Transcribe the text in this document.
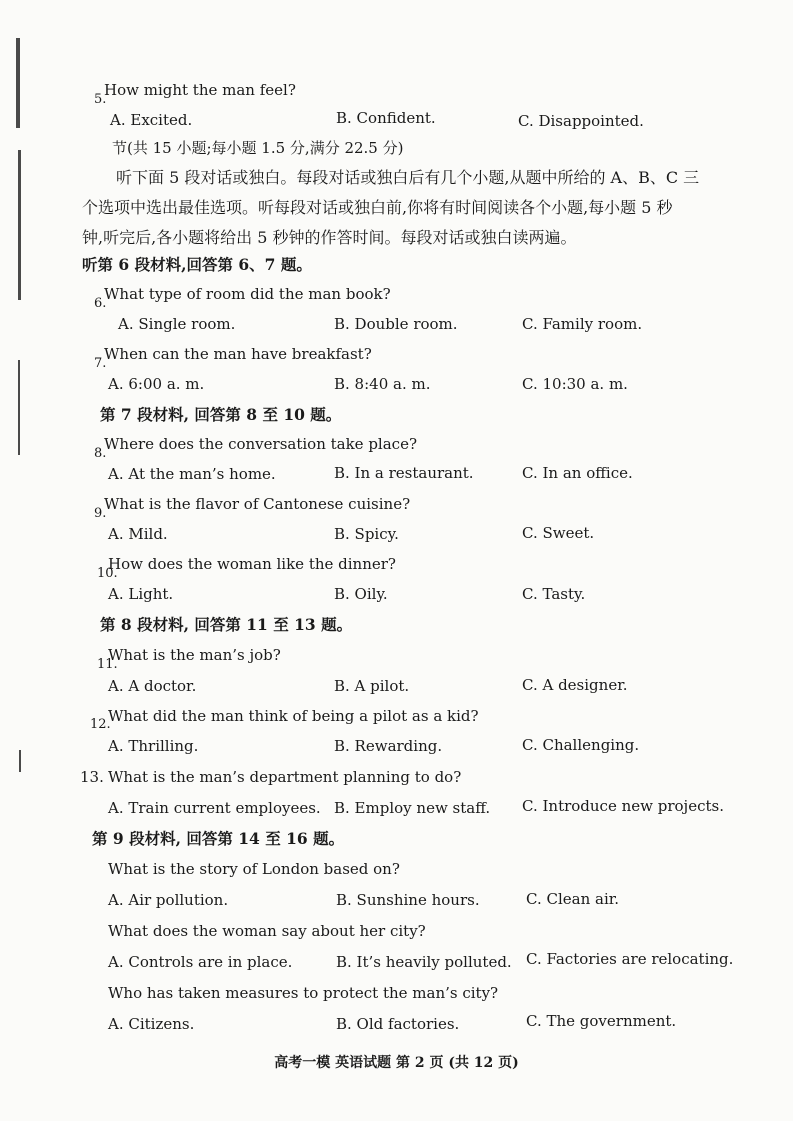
5.
How might the man feel?
A. Excited.	B. Confident.	C. Disappointed.
节(共 15 小题;每小题 1.5 分,满分 22.5 分)
听下面 5 段对话或独白。每段对话或独白后有几个小题,从题中所给的 A、B、C 三
个选项中选出最佳选项。听每段对话或独白前,你将有时间阅读各个小题,每小题 5 秒
钟,听完后,各小题将给出 5 秒钟的作答时间。每段对话或独白读两遍。
听第 6 段材料,回答第 6、7 题。
6.
What type of room did the man book?
A. Single room.	B. Double room.	C. Family room.
7.
When can the man have breakfast?
A. 6:00 a. m.	B. 8:40 a. m.	C. 10:30 a. m.
第 7 段材料, 回答第 8 至 10 题。
8.
Where does the conversation take place?
A. At the man’s home.	B. In a restaurant.	C. In an office.
9.
What is the flavor of Cantonese cuisine?
A. Mild.	B. Spicy.	C. Sweet.
10.
How does the woman like the dinner?
A. Light.	B. Oily.	C. Tasty.
第 8 段材料, 回答第 11 至 13 题。
11.
What is the man’s job?
A. A doctor.	B. A pilot.	C. A designer.
12.
What did the man think of being a pilot as a kid?
A. Thrilling.	B. Rewarding.	C. Challenging.
13. What is the man’s department planning to do?
A. Train current employees. B. Employ new staff. C. Introduce new projects.
第 9 段材料, 回答第 14 至 16 题。
What is the story of London based on?
A. Air pollution.	B. Sunshine hours.	C. Clean air.
What does the woman say about her city?
A. Controls are in place.	B. It’s heavily polluted. C. Factories are relocating.
Who has taken measures to protect the man’s city?
A. Citizens.	B. Old factories.	C. The government.
高考一模 英语试题 第 2 页 (共 12 页)
